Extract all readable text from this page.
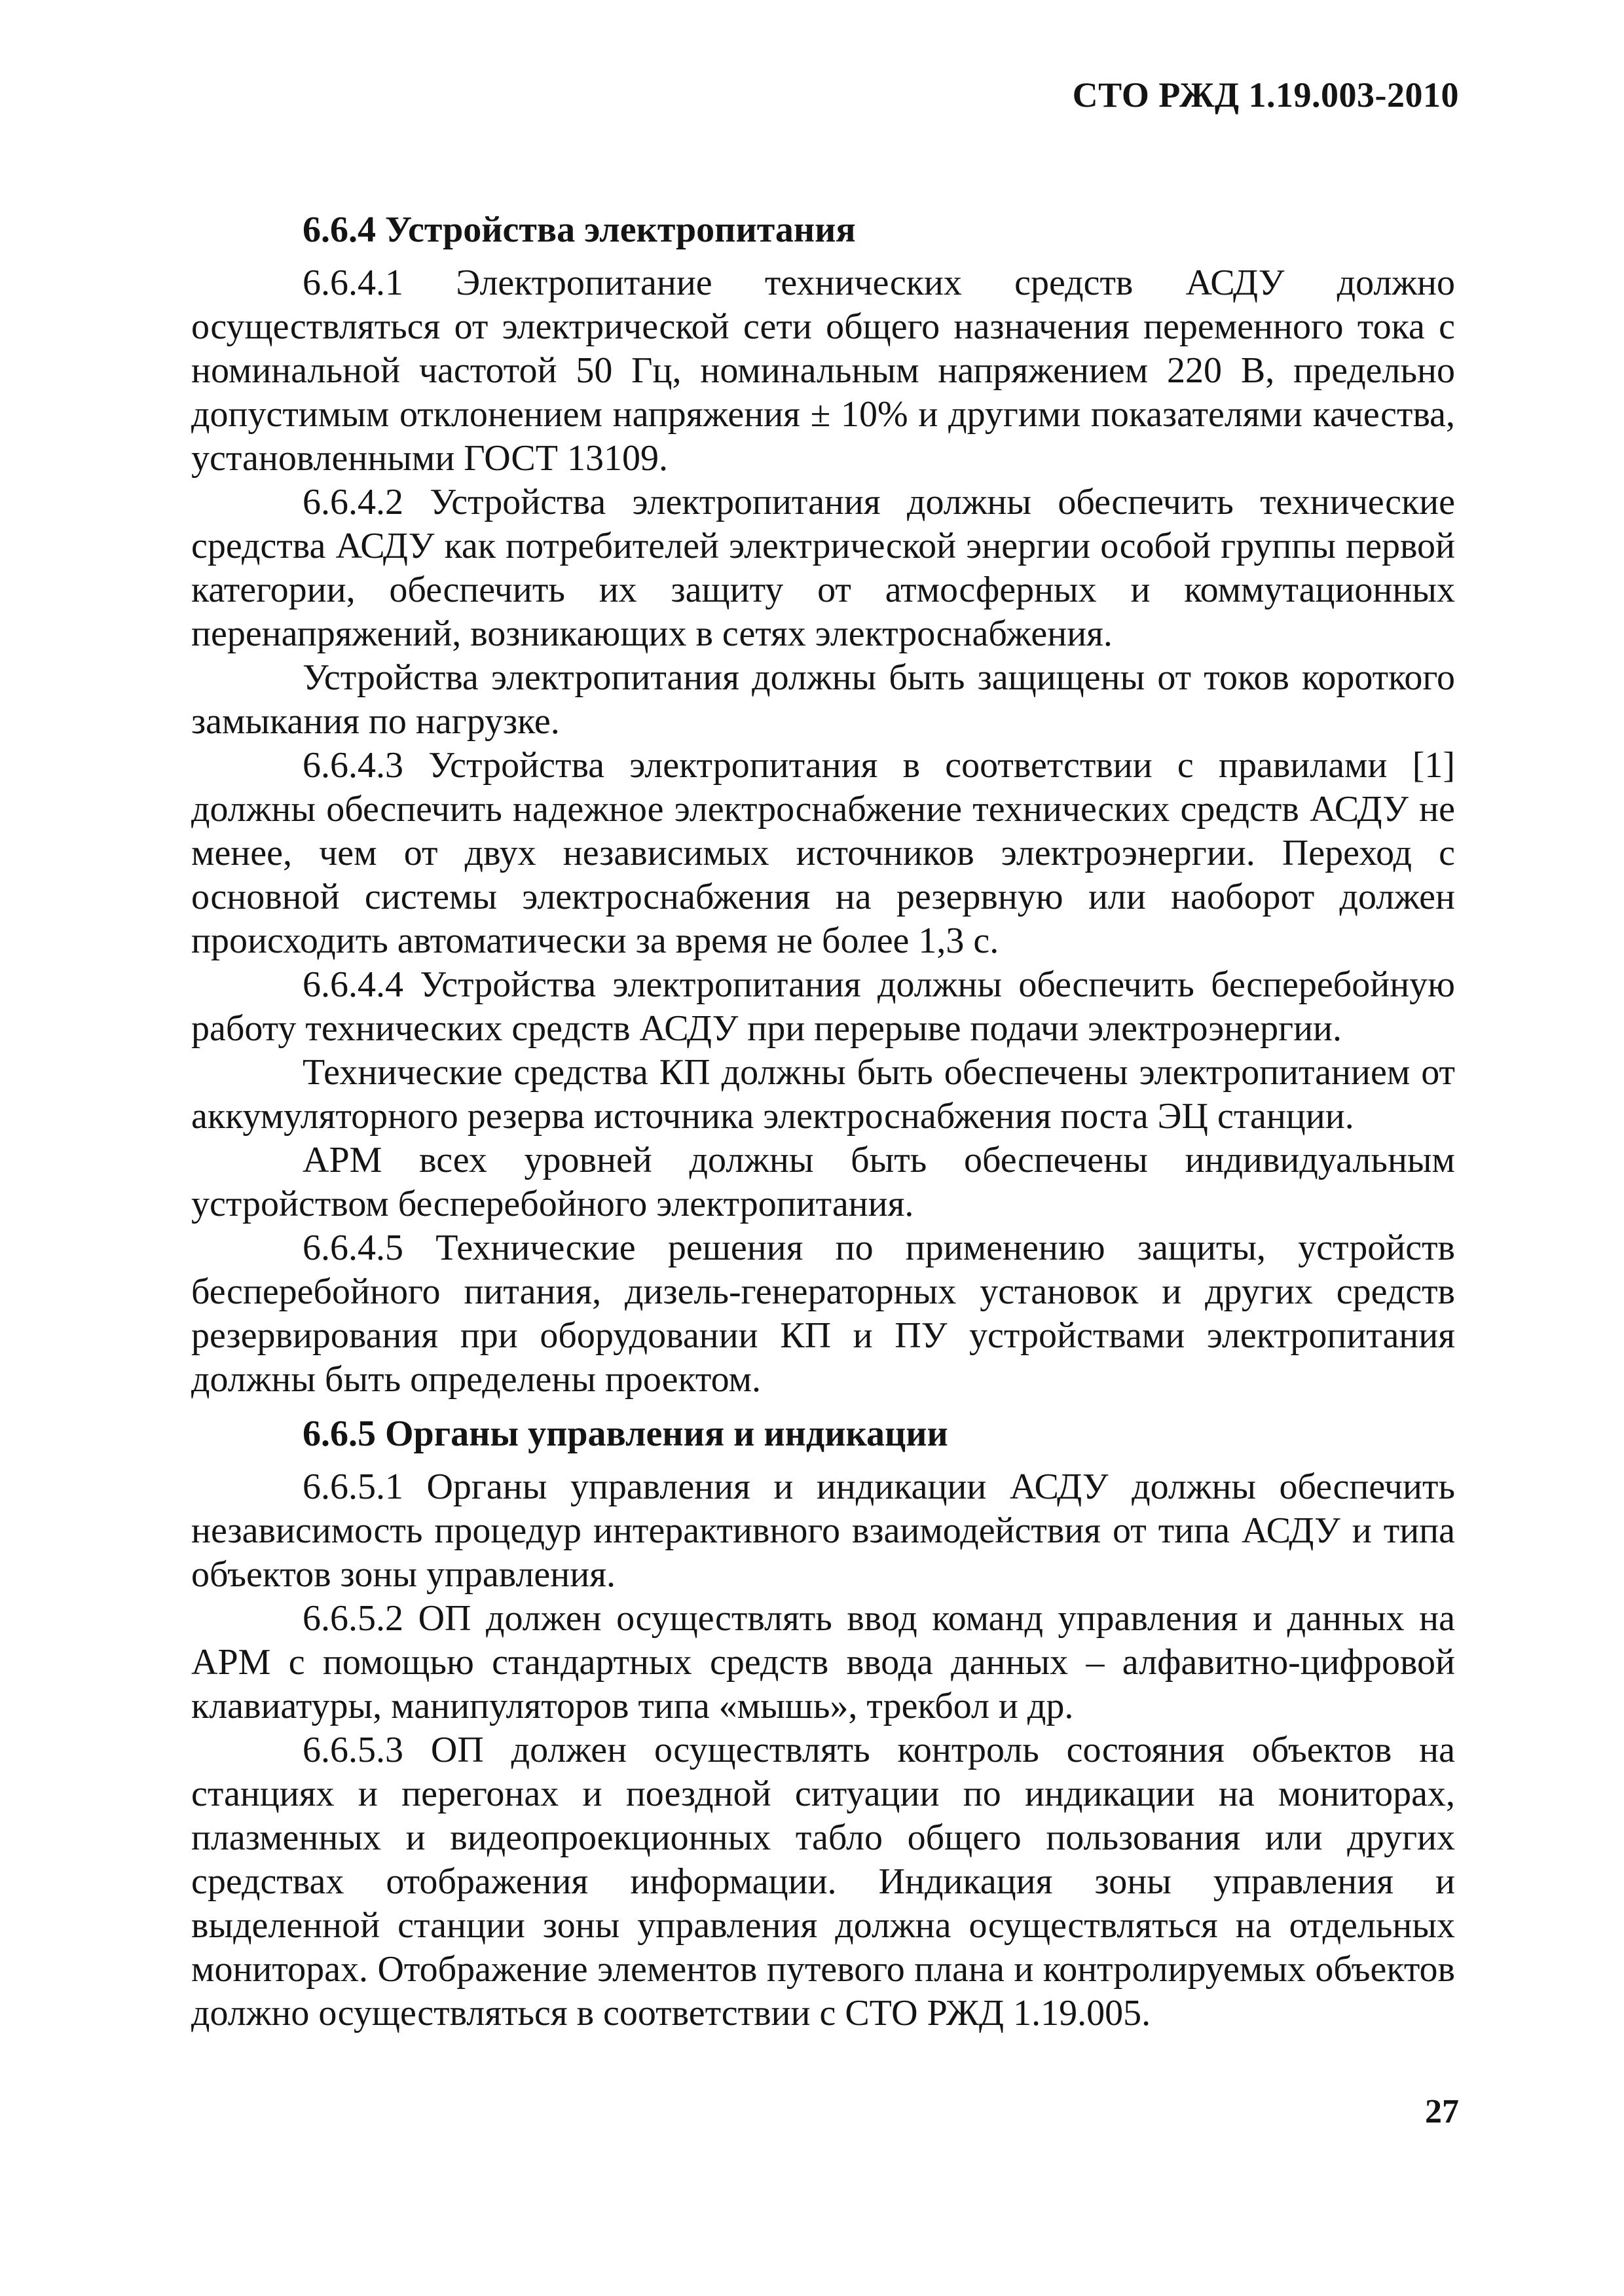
СТО РЖД 1.19.003-2010
6.6.4 Устройства электропитания

6.6.4.1 Электропитание технических средств АСДУ должно осуществляться от электрической сети общего назначения переменного тока с номинальной частотой 50 Гц, номинальным напряжением 220 В, предельно допустимым отклонением напряжения ± 10% и другими показателями качества, установленными ГОСТ 13109.

6.6.4.2 Устройства электропитания должны обеспечить технические средства АСДУ как потребителей электрической энергии особой группы первой категории, обеспечить их защиту от атмосферных и коммутационных перенапряжений, возникающих в сетях электроснабжения.

Устройства электропитания должны быть защищены от токов короткого замыкания по нагрузке.

6.6.4.3 Устройства электропитания в соответствии с правилами [1] должны обеспечить надежное электроснабжение технических средств АСДУ не менее, чем от двух независимых источников электроэнергии. Переход с основной системы электроснабжения на резервную или наоборот должен происходить автоматически за время не более 1,3 с.

6.6.4.4 Устройства электропитания должны обеспечить бесперебойную работу технических средств АСДУ при перерыве подачи электроэнергии.

Технические средства КП должны быть обеспечены электропитанием от аккумуляторного резерва источника электроснабжения поста ЭЦ станции.

АРМ всех уровней должны быть обеспечены индивидуальным устройством бесперебойного электропитания.

6.6.4.5 Технические решения по применению защиты, устройств бесперебойного питания, дизель-генераторных установок и других средств резервирования при оборудовании КП и ПУ устройствами электропитания должны быть определены проектом.

6.6.5 Органы управления и индикации

6.6.5.1 Органы управления и индикации АСДУ должны обеспечить независимость процедур интерактивного взаимодействия от типа АСДУ и типа объектов зоны управления.

6.6.5.2 ОП должен осуществлять ввод команд управления и данных на АРМ с помощью стандартных средств ввода данных – алфавитно-цифровой клавиатуры, манипуляторов типа «мышь», трекбол и др.

6.6.5.3 ОП должен осуществлять контроль состояния объектов на станциях и перегонах и поездной ситуации по индикации на мониторах, плазменных и видеопроекционных табло общего пользования или других средствах отображения информации. Индикация зоны управления и выделенной станции зоны управления должна осуществляться на отдельных мониторах. Отображение элементов путевого плана и контролируемых объектов должно осуществляться в соответствии с СТО РЖД 1.19.005.

27
